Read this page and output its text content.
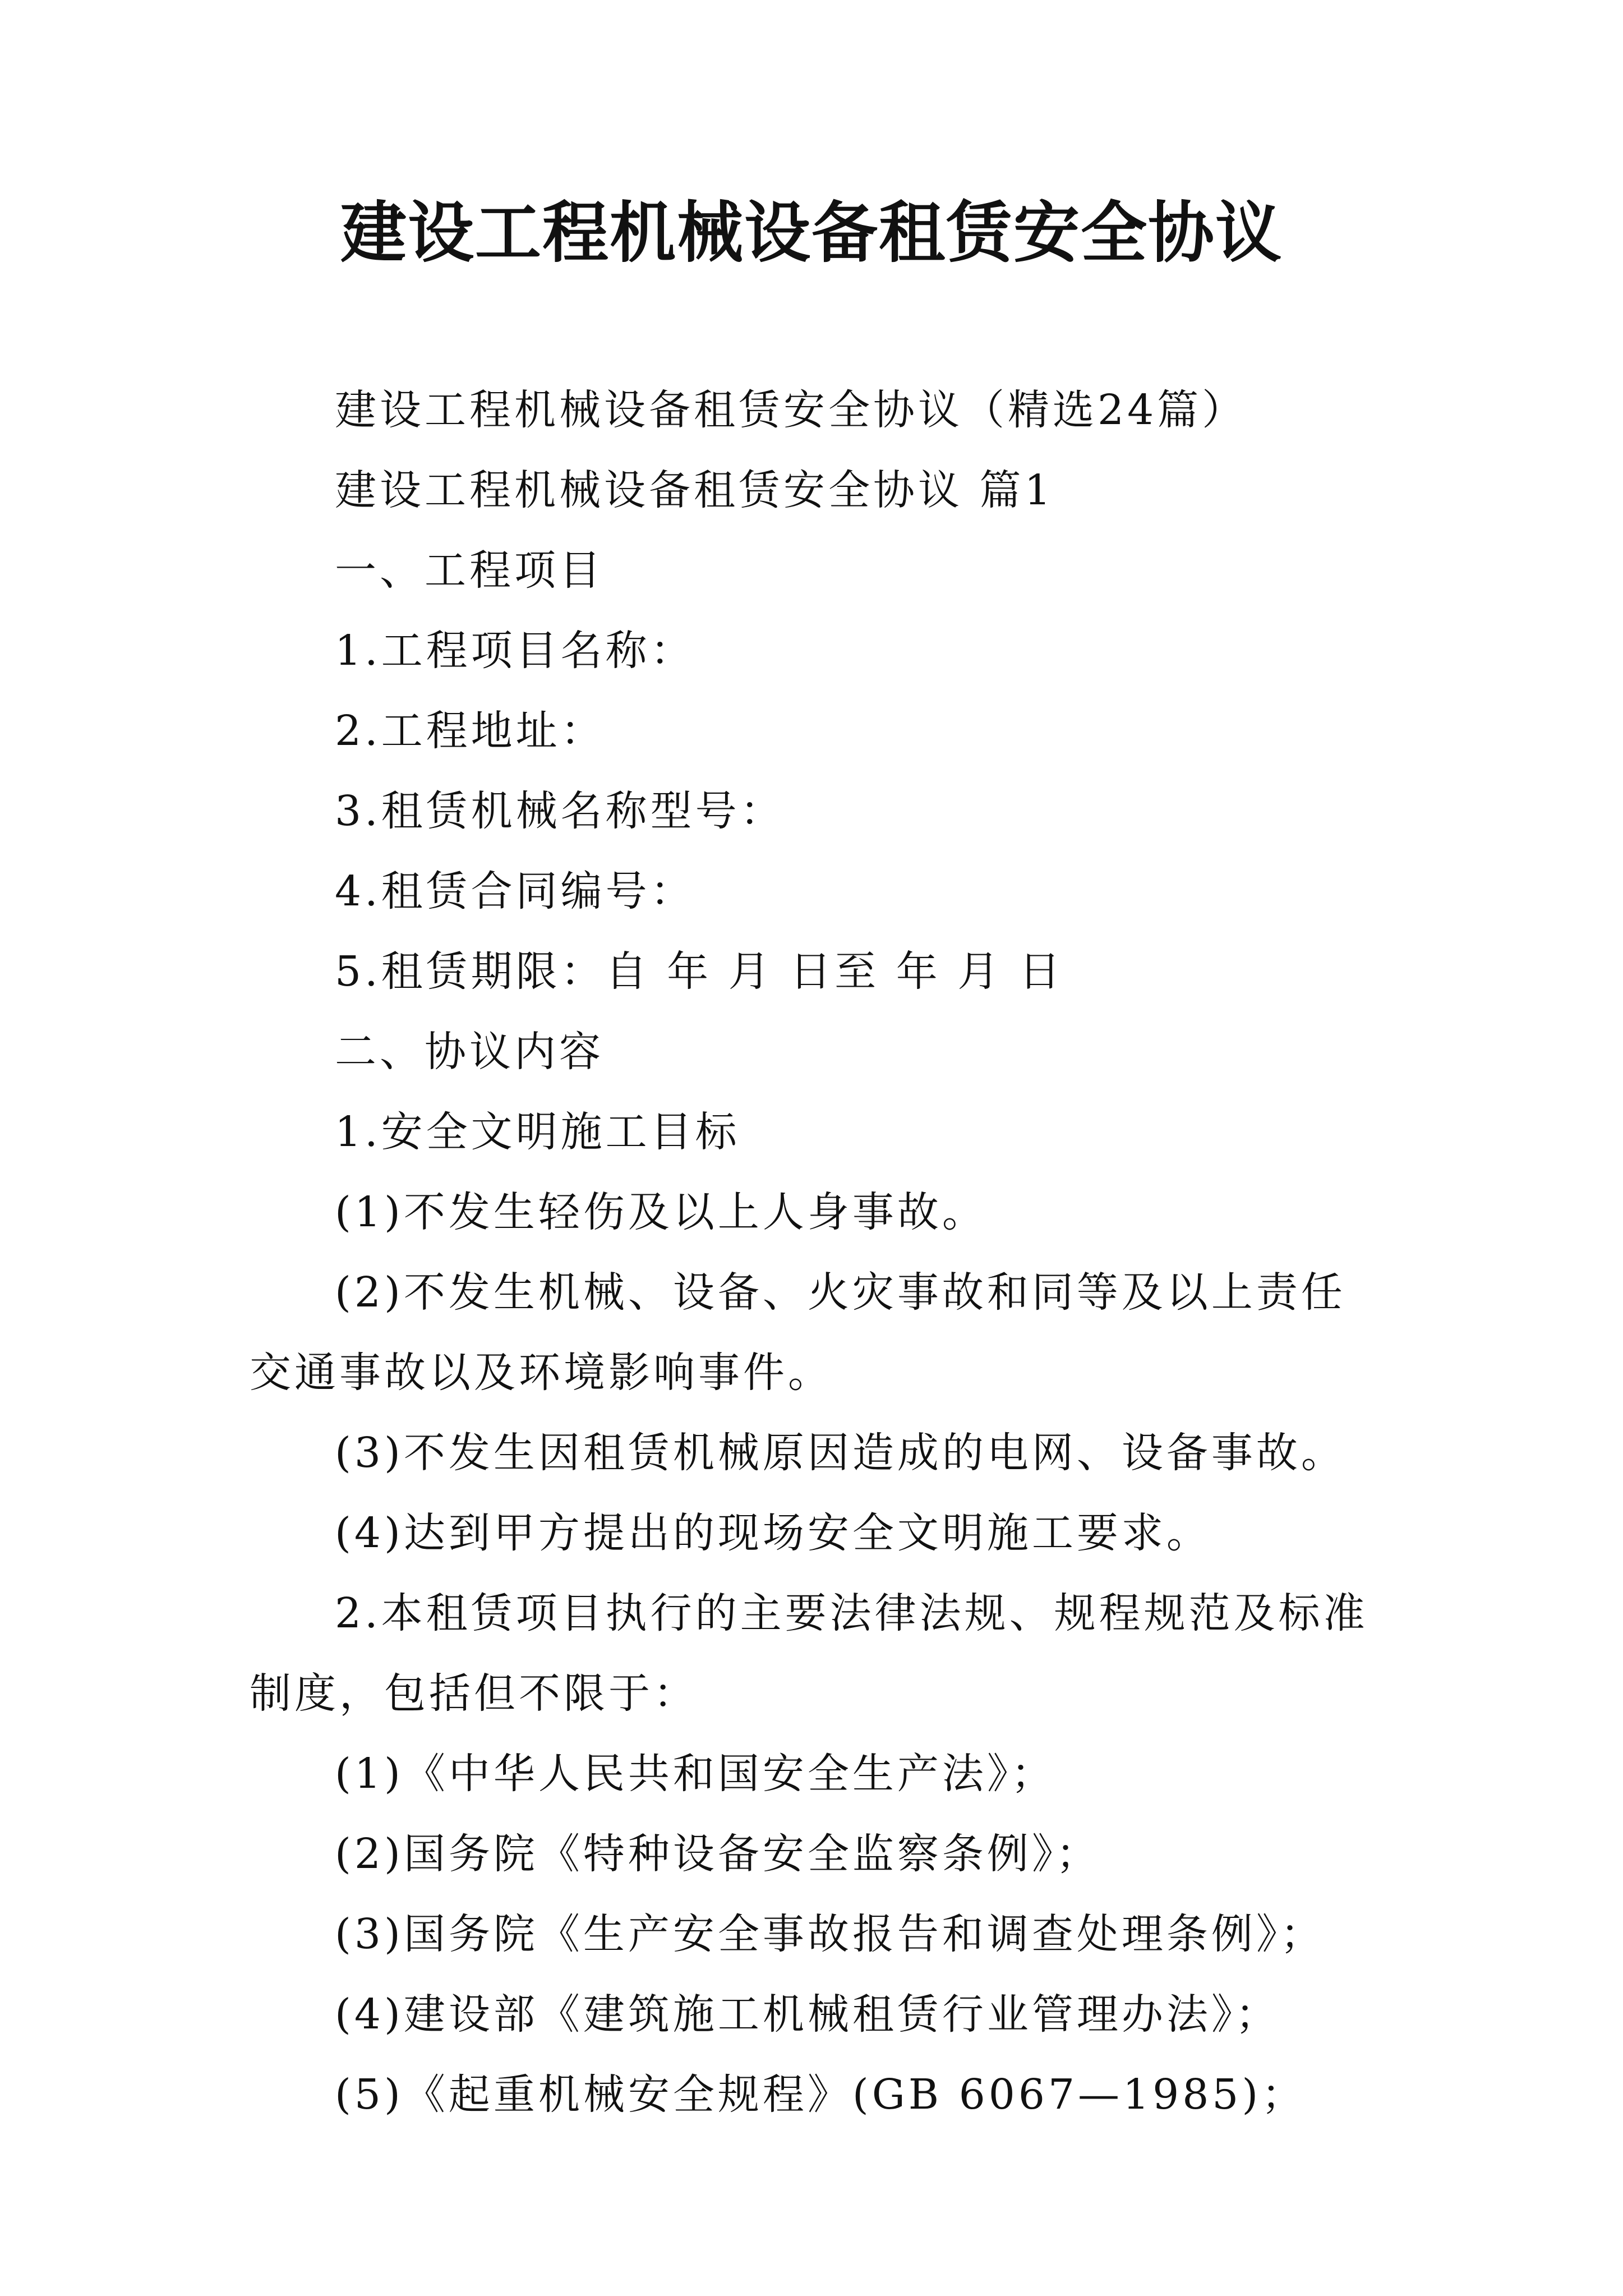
建设工程机械设备租赁安全协议

建设工程机械设备租赁安全协议（精选24篇）

建设工程机械设备租赁安全协议 篇1

一、工程项目

1.工程项目名称：

2.工程地址：

3.租赁机械名称型号：

4.租赁合同编号：

5.租赁期限：自 年 月 日至 年 月 日

二、协议内容

1.安全文明施工目标

(1)不发生轻伤及以上人身事故。

(2)不发生机械、设备、火灾事故和同等及以上责任交通事故以及环境影响事件。

(3)不发生因租赁机械原因造成的电网、设备事故。

(4)达到甲方提出的现场安全文明施工要求。

2.本租赁项目执行的主要法律法规、规程规范及标准制度，包括但不限于：

(1)《中华人民共和国安全生产法》；

(2)国务院《特种设备安全监察条例》；

(3)国务院《生产安全事故报告和调查处理条例》；

(4)建设部《建筑施工机械租赁行业管理办法》；

(5)《起重机械安全规程》(GB 6067—1985)；
